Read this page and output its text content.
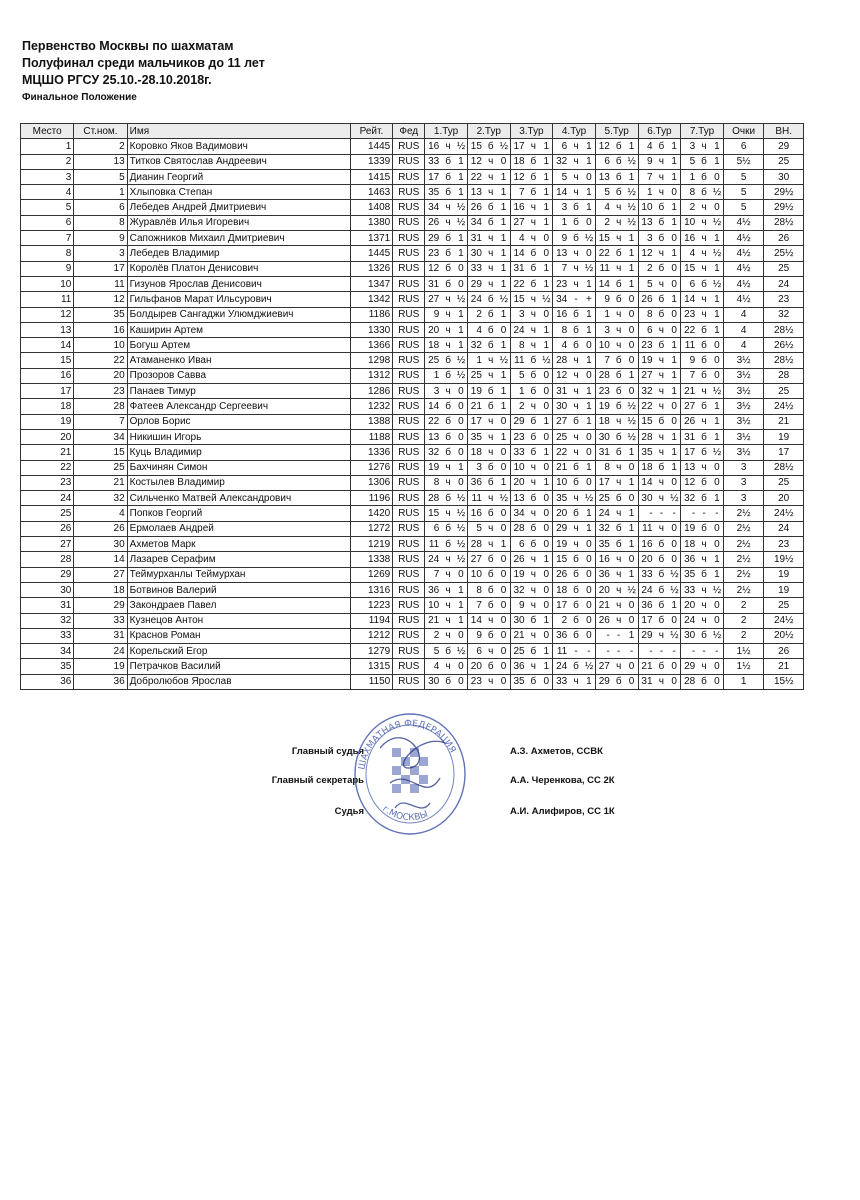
Первенство Москвы по шахматам
Полуфинал среди мальчиков до 11 лет
МЦШО РГСУ 25.10.-28.10.2018г.
Финальное Положение
Место	Ст.ном.	Имя	Рейт.	Фед	1.Тур	2.Тур	3.Тур	4.Тур	5.Тур	6.Тур	7.Тур	Очки	ВН.
1	2	Коровко Яков Вадимович	1445	RUS	16 ч ½	15 б ½	17 ч 1	6 ч 1	12 б 1	4 б 1	3 ч 1	6	29
2	13	Титков Святослав Андреевич	1339	RUS	33 б 1	12 ч 0	18 б 1	32 ч 1	6 б ½	9 ч 1	5 б 1	5½	25
3	5	Дианин Георгий	1415	RUS	17 б 1	22 ч 1	12 б 1	5 ч 0	13 б 1	7 ч 1	1 б 0	5	30
4	1	Хлыповка Степан	1463	RUS	35 б 1	13 ч 1	7 б 1	14 ч 1	5 б ½	1 ч 0	8 б ½	5	29½
5	6	Лебедев Андрей Дмитриевич	1408	RUS	34 ч ½	26 б 1	16 ч 1	3 б 1	4 ч ½	10 б 1	2 ч 0	5	29½
6	8	Журавлёв Илья Игоревич	1380	RUS	26 ч ½	34 б 1	27 ч 1	1 б 0	2 ч ½	13 б 1	10 ч ½	4½	28½
7	9	Сапожников Михаил Дмитриевич	1371	RUS	29 б 1	31 ч 1	4 ч 0	9 б ½	15 ч 1	3 б 0	16 ч 1	4½	26
8	3	Лебедев Владимир	1445	RUS	23 б 1	30 ч 1	14 б 0	13 ч 0	22 б 1	12 ч 1	4 ч ½	4½	25½
9	17	Королёв Платон Денисович	1326	RUS	12 б 0	33 ч 1	31 б 1	7 ч ½	11 ч 1	2 б 0	15 ч 1	4½	25
10	11	Гизунов Ярослав Денисович	1347	RUS	31 б 0	29 ч 1	22 б 1	23 ч 1	14 б 1	5 ч 0	6 б ½	4½	24
11	12	Гильфанов Марат Ильсурович	1342	RUS	27 ч ½	24 б ½	15 ч ½	34 - +	9 б 0	26 б 1	14 ч 1	4½	23
12	35	Болдырев Сангаджи Улюмджиевич	1186	RUS	9 ч 1	2 б 1	3 ч 0	16 б 1	1 ч 0	8 б 0	23 ч 1	4	32
13	16	Каширин Артем	1330	RUS	20 ч 1	4 б 0	24 ч 1	8 б 1	3 ч 0	6 ч 0	22 б 1	4	28½
14	10	Богуш Артем	1366	RUS	18 ч 1	32 б 1	8 ч 1	4 б 0	10 ч 0	23 б 1	11 б 0	4	26½
15	22	Атаманенко Иван	1298	RUS	25 б ½	1 ч ½	11 б ½	28 ч 1	7 б 0	19 ч 1	9 б 0	3½	28½
16	20	Прозоров Савва	1312	RUS	1 б ½	25 ч 1	5 б 0	12 ч 0	28 б 1	27 ч 1	7 б 0	3½	28
17	23	Панаев Тимур	1286	RUS	3 ч 0	19 б 1	1 б 0	31 ч 1	23 б 0	32 ч 1	21 ч ½	3½	25
18	28	Фатеев Александр Сергеевич	1232	RUS	14 б 0	21 б 1	2 ч 0	30 ч 1	19 б ½	22 ч 0	27 б 1	3½	24½
19	7	Орлов Борис	1388	RUS	22 б 0	17 ч 0	29 б 1	27 б 1	18 ч ½	15 б 0	26 ч 1	3½	21
20	34	Никишин Игорь	1188	RUS	13 б 0	35 ч 1	23 б 0	25 ч 0	30 б ½	28 ч 1	31 б 1	3½	19
21	15	Куць Владимир	1336	RUS	32 б 0	18 ч 0	33 б 1	22 ч 0	31 б 1	35 ч 1	17 б ½	3½	17
22	25	Бахчинян Симон	1276	RUS	19 ч 1	3 б 0	10 ч 0	21 б 1	8 ч 0	18 б 1	13 ч 0	3	28½
23	21	Костылев Владимир	1306	RUS	8 ч 0	36 б 1	20 ч 1	10 б 0	17 ч 1	14 ч 0	12 б 0	3	25
24	32	Сильченко Матвей Александрович	1196	RUS	28 б ½	11 ч ½	13 б 0	35 ч ½	25 б 0	30 ч ½	32 б 1	3	20
25	4	Попков Георгий	1420	RUS	15 ч ½	16 б 0	34 ч 0	20 б 1	24 ч 1	- - -	- - -	2½	24½
26	26	Ермолаев Андрей	1272	RUS	6 б ½	5 ч 0	28 б 0	29 ч 1	32 б 1	11 ч 0	19 б 0	2½	24
27	30	Ахметов Марк	1219	RUS	11 б ½	28 ч 1	6 б 0	19 ч 0	35 б 1	16 б 0	18 ч 0	2½	23
28	14	Лазарев Серафим	1338	RUS	24 ч ½	27 б 0	26 ч 1	15 б 0	16 ч 0	20 б 0	36 ч 1	2½	19½
29	27	Теймурханлы Теймурхан	1269	RUS	7 ч 0	10 б 0	19 ч 0	26 б 0	36 ч 1	33 б ½	35 б 1	2½	19
30	18	Ботвинов Валерий	1316	RUS	36 ч 1	8 б 0	32 ч 0	18 б 0	20 ч ½	24 б ½	33 ч ½	2½	19
31	29	Закондраев Павел	1223	RUS	10 ч 1	7 б 0	9 ч 0	17 б 0	21 ч 0	36 б 1	20 ч 0	2	25
32	33	Кузнецов Антон	1194	RUS	21 ч 1	14 ч 0	30 б 1	2 б 0	26 ч 0	17 б 0	24 ч 0	2	24½
33	31	Краснов Роман	1212	RUS	2 ч 0	9 б 0	21 ч 0	36 б 0	- - 1	29 ч ½	30 б ½	2	20½
34	24	Корельский Егор	1279	RUS	5 б ½	6 ч 0	25 б 1	11 - -	- - -	- - -	- - -	1½	26
35	19	Петрачков Василий	1315	RUS	4 ч 0	20 б 0	36 ч 1	24 б ½	27 ч 0	21 б 0	29 ч 0	1½	21
36	36	Добролюбов Ярослав	1150	RUS	30 б 0	23 ч 0	35 б 0	33 ч 1	29 б 0	31 ч 0	28 б 0	1	15½
Главный судья	А.З. Ахметов, ССВК
Главный секретарь	А.А. Черенкова, СС 2К
Судья	А.И. Алифиров, СС 1К
ШАХМАТНАЯ ФЕДЕРАЦИЯ
г.МОСКВЫ
